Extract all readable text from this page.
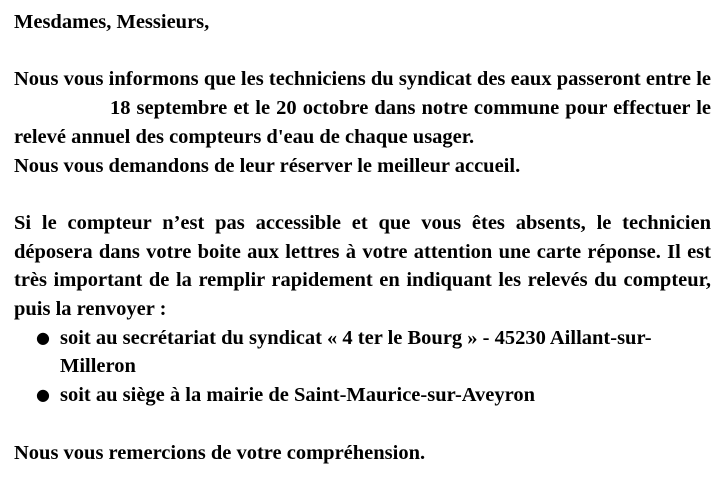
Mesdames, Messieurs,

Nous vous informons que les techniciens du syndicat des eaux passeront entre le18 septembre et le 20 octobre dans notre commune pour effectuer le relevé annuel des compteurs d'eau de chaque usager.

Nous vous demandons de leur réserver le meilleur accueil.

Si le compteur n’est pas accessible et que vous êtes absents, le technicien déposera dans votre boite aux lettres à votre attention une carte réponse. Il est très important de la remplir rapidement en indiquant les relevés du compteur, puis la renvoyer :

● soit au secrétariat du syndicat « 4 ter le Bourg » - 45230 Aillant-sur-Milleron
● soit au siège à la mairie de Saint-Maurice-sur-Aveyron

Nous vous remercions de votre compréhension.
